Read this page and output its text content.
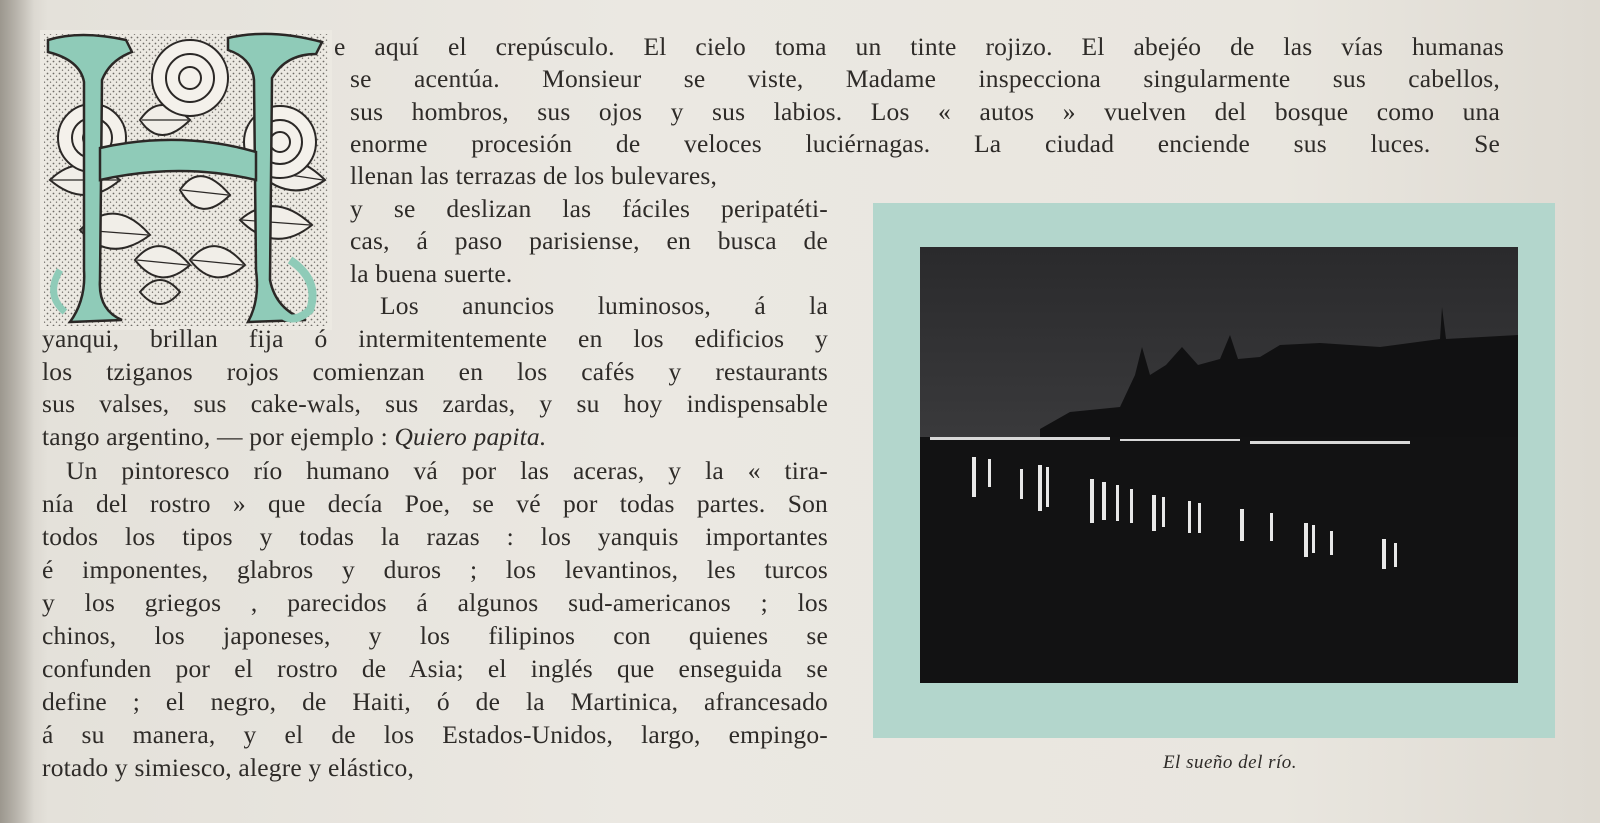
e aquí el crepúsculo. El cielo toma un tinte rojizo. El abejéo de las vías humanas
se acentúa. Monsieur se viste, Madame inspecciona singularmente sus cabellos,
sus hombros, sus ojos y sus labios. Los « autos » vuelven del bosque como una
enorme procesión de veloces luciérnagas. La ciudad enciende sus luces. Se
llenan las terrazas de los bulevares,
y se deslizan las fáciles peripatéti-
cas, á paso parisiense, en busca de
la buena suerte.
Los anuncios luminosos, á la
yanqui, brillan fija ó intermitentemente en los edificios y
los tziganos rojos comienzan en los cafés y restaurants
sus valses, sus cake-wals, sus zardas, y su hoy indispensable
tango argentino, — por ejemplo : Quiero papita.
Un pintoresco río humano vá por las aceras, y la « tira-
nía del rostro » que decía Poe, se vé por todas partes. Son
todos los tipos y todas la razas : los yanquis importantes
é imponentes, glabros y duros ; los levantinos, les turcos
y los griegos , parecidos á algunos sud-americanos ; los
chinos, los japoneses, y los filipinos con quienes se
confunden por el rostro de Asia; el inglés que enseguida se
define ; el negro, de Haiti, ó de la Martinica, afrancesado
á su manera, y el de los Estados-Unidos, largo, empingo-
rotado y simiesco, alegre y elástico,	El sueño del río.
